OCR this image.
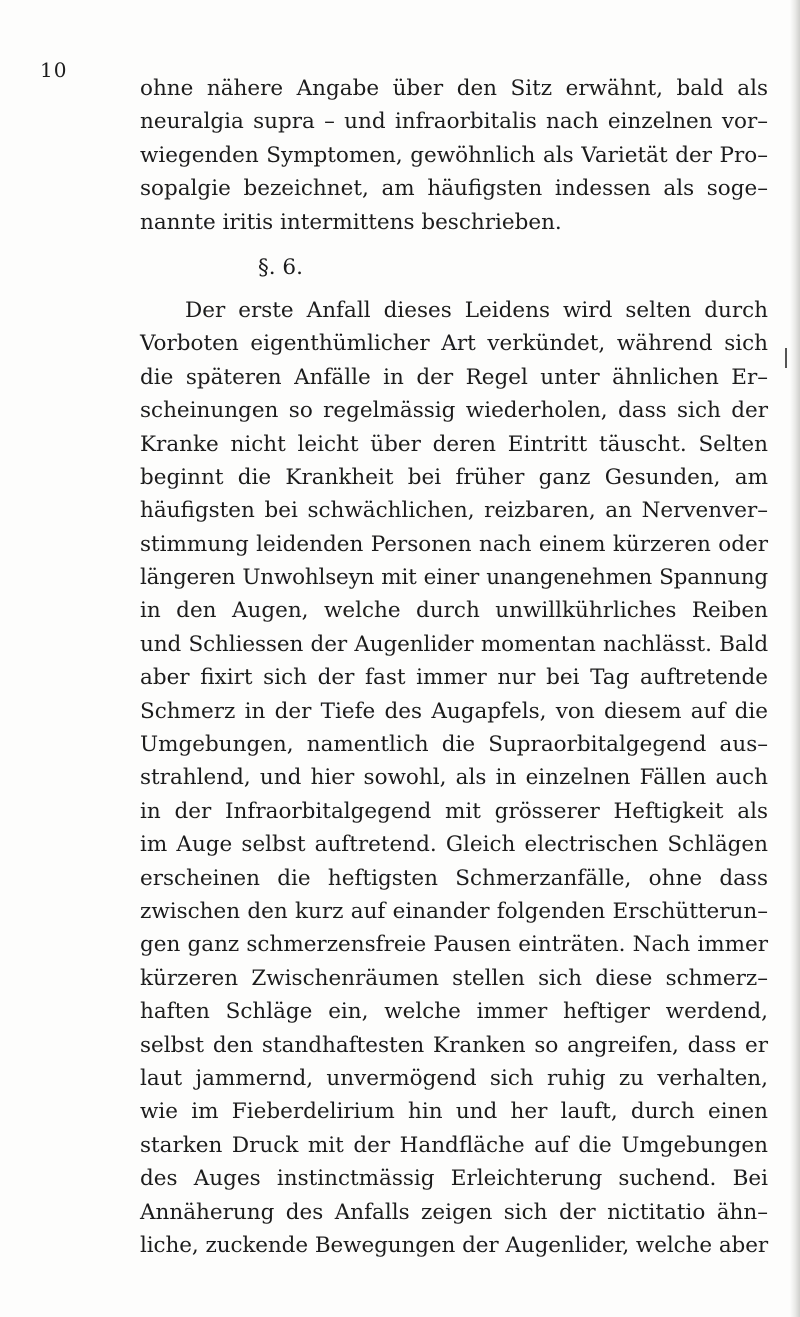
10
ohne nähere Angabe über den Sitz erwähnt, bald als
neuralgia supra – und infraorbitalis nach einzelnen vor–
wiegenden Symptomen, gewöhnlich als Varietät der Pro–
sopalgie bezeichnet, am häufigsten indessen als soge–
nannte iritis intermittens beschrieben.
§. 6.
Der erste Anfall dieses Leidens wird selten durch
Vorboten eigenthümlicher Art verkündet, während sich
die späteren Anfälle in der Regel unter ähnlichen Er–
scheinungen so regelmässig wiederholen, dass sich der
Kranke nicht leicht über deren Eintritt täuscht. Selten
beginnt die Krankheit bei früher ganz Gesunden, am
häufigsten bei schwächlichen, reizbaren, an Nervenver–
stimmung leidenden Personen nach einem kürzeren oder
längeren Unwohlseyn mit einer unangenehmen Spannung
in den Augen, welche durch unwillkührliches Reiben
und Schliessen der Augenlider momentan nachlässt. Bald
aber fixirt sich der fast immer nur bei Tag auftretende
Schmerz in der Tiefe des Augapfels, von diesem auf die
Umgebungen, namentlich die Supraorbitalgegend aus–
strahlend, und hier sowohl, als in einzelnen Fällen auch
in der Infraorbitalgegend mit grösserer Heftigkeit als
im Auge selbst auftretend. Gleich electrischen Schlägen
erscheinen die heftigsten Schmerzanfälle, ohne dass
zwischen den kurz auf einander folgenden Erschütterun–
gen ganz schmerzensfreie Pausen einträten. Nach immer
kürzeren Zwischenräumen stellen sich diese schmerz–
haften Schläge ein, welche immer heftiger werdend,
selbst den standhaftesten Kranken so angreifen, dass er
laut jammernd, unvermögend sich ruhig zu verhalten,
wie im Fieberdelirium hin und her lauft, durch einen
starken Druck mit der Handfläche auf die Umgebungen
des Auges instinctmässig Erleichterung suchend. Bei
Annäherung des Anfalls zeigen sich der nictitatio ähn–
liche, zuckende Bewegungen der Augenlider, welche aber
